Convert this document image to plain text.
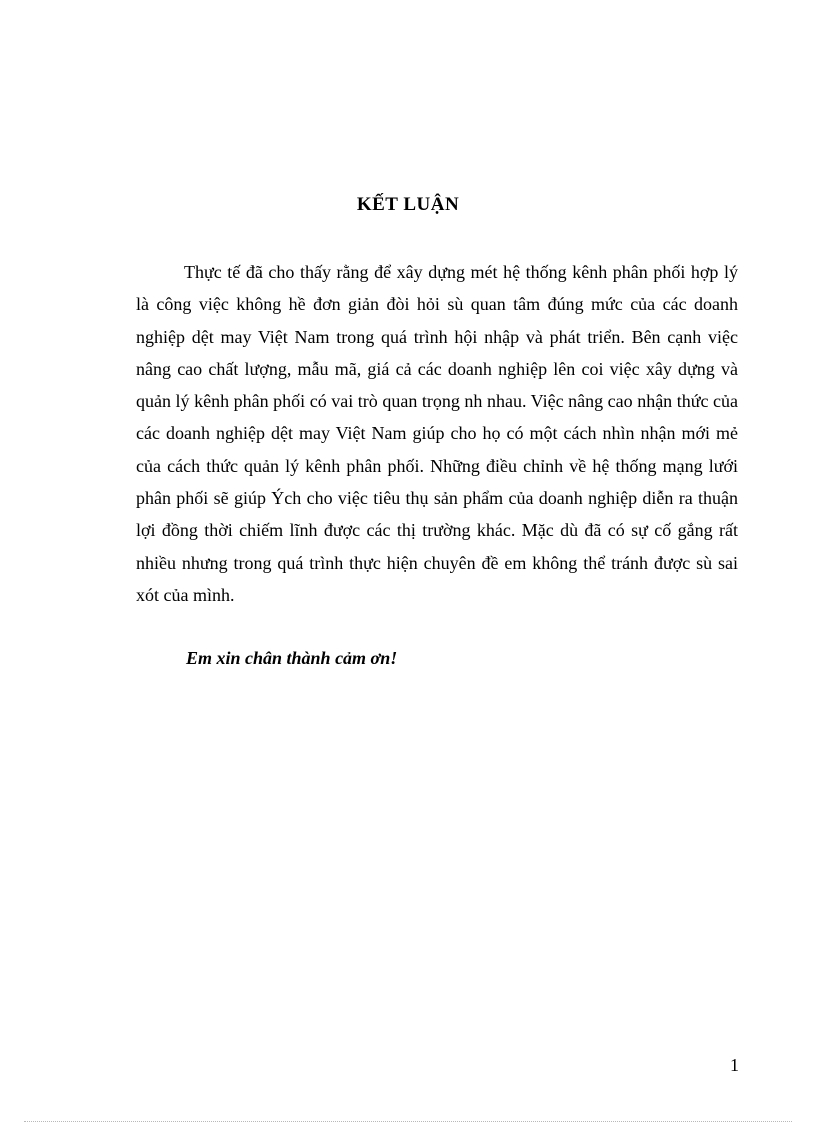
KẾT LUẬN

Thực tế đã cho thấy rằng để xây dựng mét hệ thống kênh phân phối hợp lý là công việc không hề đơn giản đòi hỏi sù quan tâm đúng mức của các doanh nghiệp dệt may Việt Nam trong quá trình hội nhập và phát triển. Bên cạnh việc nâng cao chất lượng, mẫu mã, giá cả các doanh nghiệp lên coi việc xây dựng và quản lý kênh phân phối có vai trò quan trọng nh nhau. Việc nâng cao nhận thức của các doanh nghiệp dệt may Việt Nam giúp cho họ có một cách nhìn nhận mới mẻ của cách thức quản lý kênh phân phối. Những điều chỉnh về hệ thống mạng lưới phân phối sẽ giúp Ých cho việc tiêu thụ sản phẩm của doanh nghiệp diễn ra thuận lợi đồng thời chiếm lĩnh được các thị trường khác. Mặc dù đã có sự cố gắng rất nhiều nhưng trong quá trình thực hiện chuyên đề em không thể tránh được sù sai xót của mình.

Em xin chân thành cảm ơn!

1
